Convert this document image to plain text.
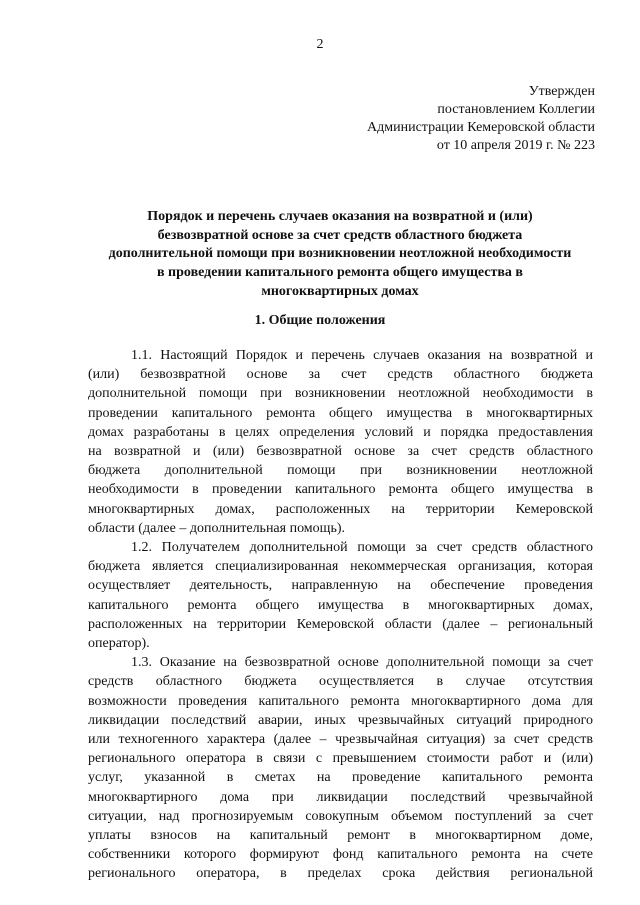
2
Утвержден
постановлением Коллегии
Администрации Кемеровской области
от 10 апреля 2019 г. № 223
Порядок и перечень случаев оказания на возвратной и (или)
безвозвратной основе за счет средств областного бюджета
дополнительной помощи при возникновении неотложной необходимости
в проведении капитального ремонта общего имущества в
многоквартирных домах
1. Общие положения
1.1. Настоящий Порядок и перечень случаев оказания на возвратной и
(или) безвозвратной основе за счет средств областного бюджета
дополнительной помощи при возникновении неотложной необходимости в
проведении капитального ремонта общего имущества в многоквартирных
домах разработаны в целях определения условий и порядка предоставления
на возвратной и (или) безвозвратной основе за счет средств областного
бюджета дополнительной помощи при возникновении неотложной
необходимости в проведении капитального ремонта общего имущества в
многоквартирных домах, расположенных на территории Кемеровской
области (далее – дополнительная помощь).
1.2. Получателем дополнительной помощи за счет средств областного
бюджета является специализированная некоммерческая организация, которая
осуществляет деятельность, направленную на обеспечение проведения
капитального ремонта общего имущества в многоквартирных домах,
расположенных на территории Кемеровской области (далее – региональный
оператор).
1.3. Оказание на безвозвратной основе дополнительной помощи за счет
средств областного бюджета осуществляется в случае отсутствия
возможности проведения капитального ремонта многоквартирного дома для
ликвидации последствий аварии, иных чрезвычайных ситуаций природного
или техногенного характера (далее – чрезвычайная ситуация) за счет средств
регионального оператора в связи с превышением стоимости работ и (или)
услуг, указанной в сметах на проведение капитального ремонта
многоквартирного дома при ликвидации последствий чрезвычайной
ситуации, над прогнозируемым совокупным объемом поступлений за счет
уплаты взносов на капитальный ремонт в многоквартирном доме,
собственники которого формируют фонд капитального ремонта на счете
регионального оператора, в пределах срока действия региональной
